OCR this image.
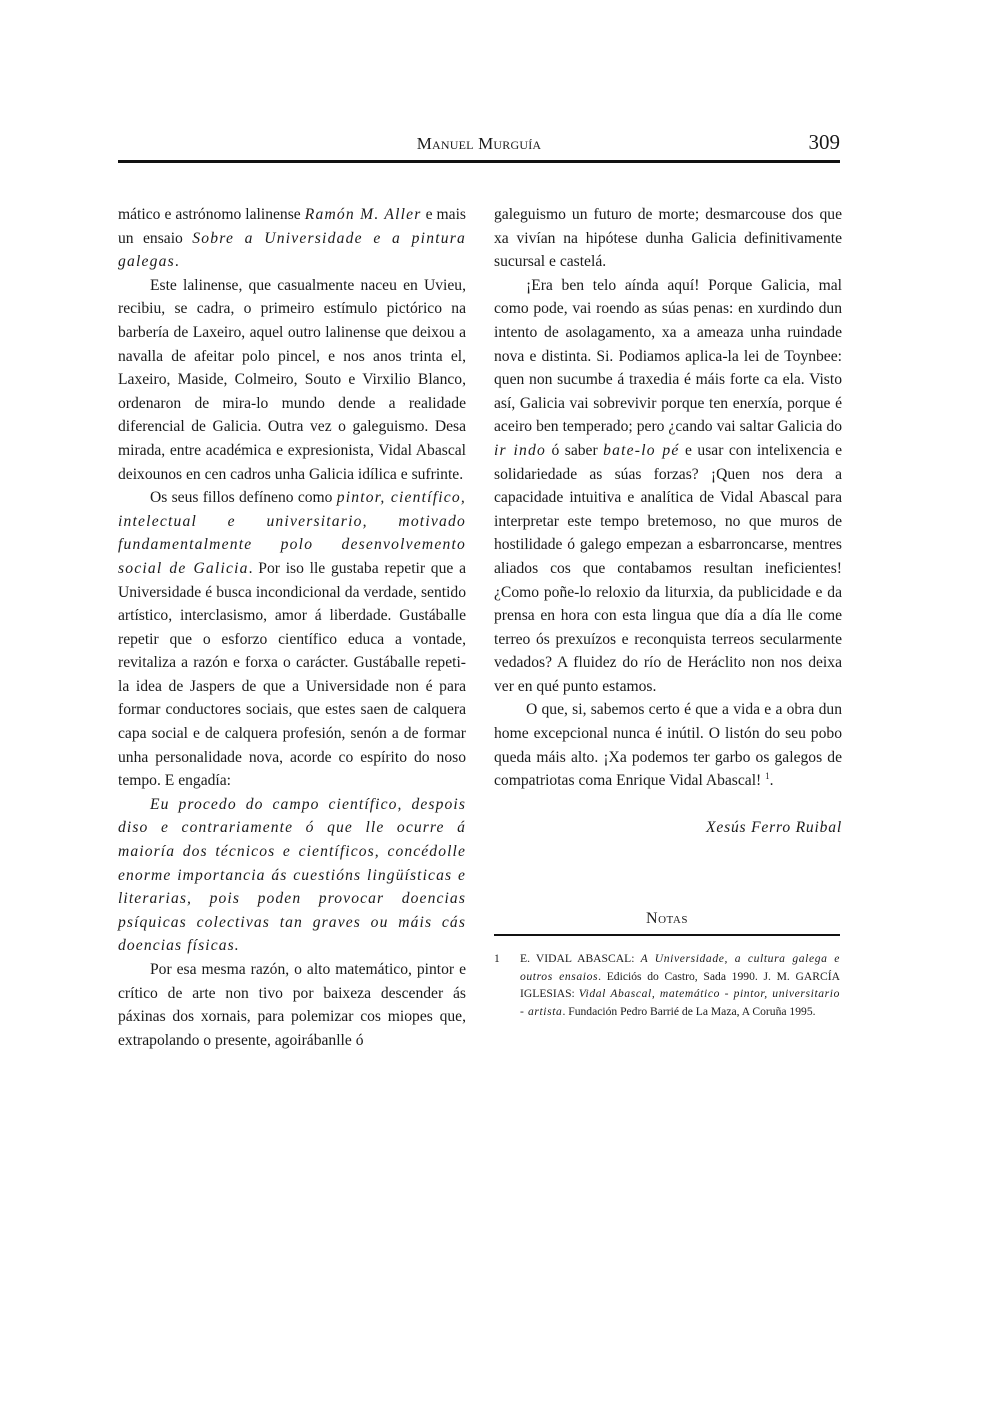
Manuel Murguía	309

mático e astrónomo lalinense Ramón M. Aller e mais un ensaio Sobre a Universidade e a pintura galegas.

Este lalinense, que casualmente naceu en Uvieu, recibiu, se cadra, o primeiro estímulo pictórico na barbería de Laxeiro, aquel outro lalinense que deixou a navalla de afeitar polo pincel, e nos anos trinta el, Laxeiro, Maside, Colmeiro, Souto e Virxilio Blanco, ordenaron de mira-lo mundo dende a realidade diferencial de Galicia. Outra vez o galeguismo. Desa mirada, entre académica e expresionista, Vidal Abascal deixounos en cen cadros unha Galicia idílica e sufrinte.

Os seus fillos defíneno como pintor, científico, intelectual e universitario, motivado fundamentalmente polo desenvolvemento social de Galicia. Por iso lle gustaba repetir que a Universidade é busca incondicional da verdade, sentido artístico, interclasismo, amor á liberdade. Gustáballe repetir que o esforzo científico educa a vontade, revitaliza a razón e forxa o carácter. Gustáballe repeti-la idea de Jaspers de que a Universidade non é para formar conductores sociais, que estes saen de calquera capa social e de calquera profesión, senón a de formar unha personalidade nova, acorde co espírito do noso tempo. E engadía:

Eu procedo do campo científico, despois diso e contrariamente ó que lle ocurre á maioría dos técnicos e científicos, concédolle enorme importancia ás cuestións lingüísticas e literarias, pois poden provocar doencias psíquicas colectivas tan graves ou máis cás doencias físicas.

Por esa mesma razón, o alto matemático, pintor e crítico de arte non tivo por baixeza descender ás páxinas dos xornais, para polemizar cos miopes que, extrapolando o presente, agoirábanlle ó

galeguismo un futuro de morte; desmarcouse dos que xa vivían na hipótese dunha Galicia definitivamente sucursal e castelá.

¡Era ben telo aínda aquí! Porque Galicia, mal como pode, vai roendo as súas penas: en xurdindo dun intento de asolagamento, xa a ameaza unha ruindade nova e distinta. Si. Podiamos aplica-la lei de Toynbee: quen non sucumbe á traxedia é máis forte ca ela. Visto así, Galicia vai sobrevivir porque ten enerxía, porque é aceiro ben temperado; pero ¿cando vai saltar Galicia do ir indo ó saber bate-lo pé e usar con intelixencia e solidariedade as súas forzas? ¡Quen nos dera a capacidade intuitiva e analítica de Vidal Abascal para interpretar este tempo bretemoso, no que muros de hostilidade ó galego empezan a esbarroncarse, mentres aliados cos que contabamos resultan ineficientes! ¿Como poñe-lo reloxio da liturxia, da publicidade e da prensa en hora con esta lingua que día a día lle come terreo ós prexuízos e reconquista terreos secularmente vedados? A fluidez do río de Heráclito non nos deixa ver en qué punto estamos.

O que, si, sabemos certo é que a vida e a obra dun home excepcional nunca é inútil. O listón do seu pobo queda máis alto. ¡Xa podemos ter garbo os galegos de compatriotas coma Enrique Vidal Abascal! $^1$.

Xesús Ferro Ruibal

Notas
1 E. VIDAL ABASCAL: A Universidade, a cultura galega e outros ensaios. Ediciós do Castro, Sada 1990. J. M. GARCÍA IGLESIAS: Vidal Abascal, matemático - pintor, universitario - artista. Fundación Pedro Barrié de La Maza, A Coruña 1995.
